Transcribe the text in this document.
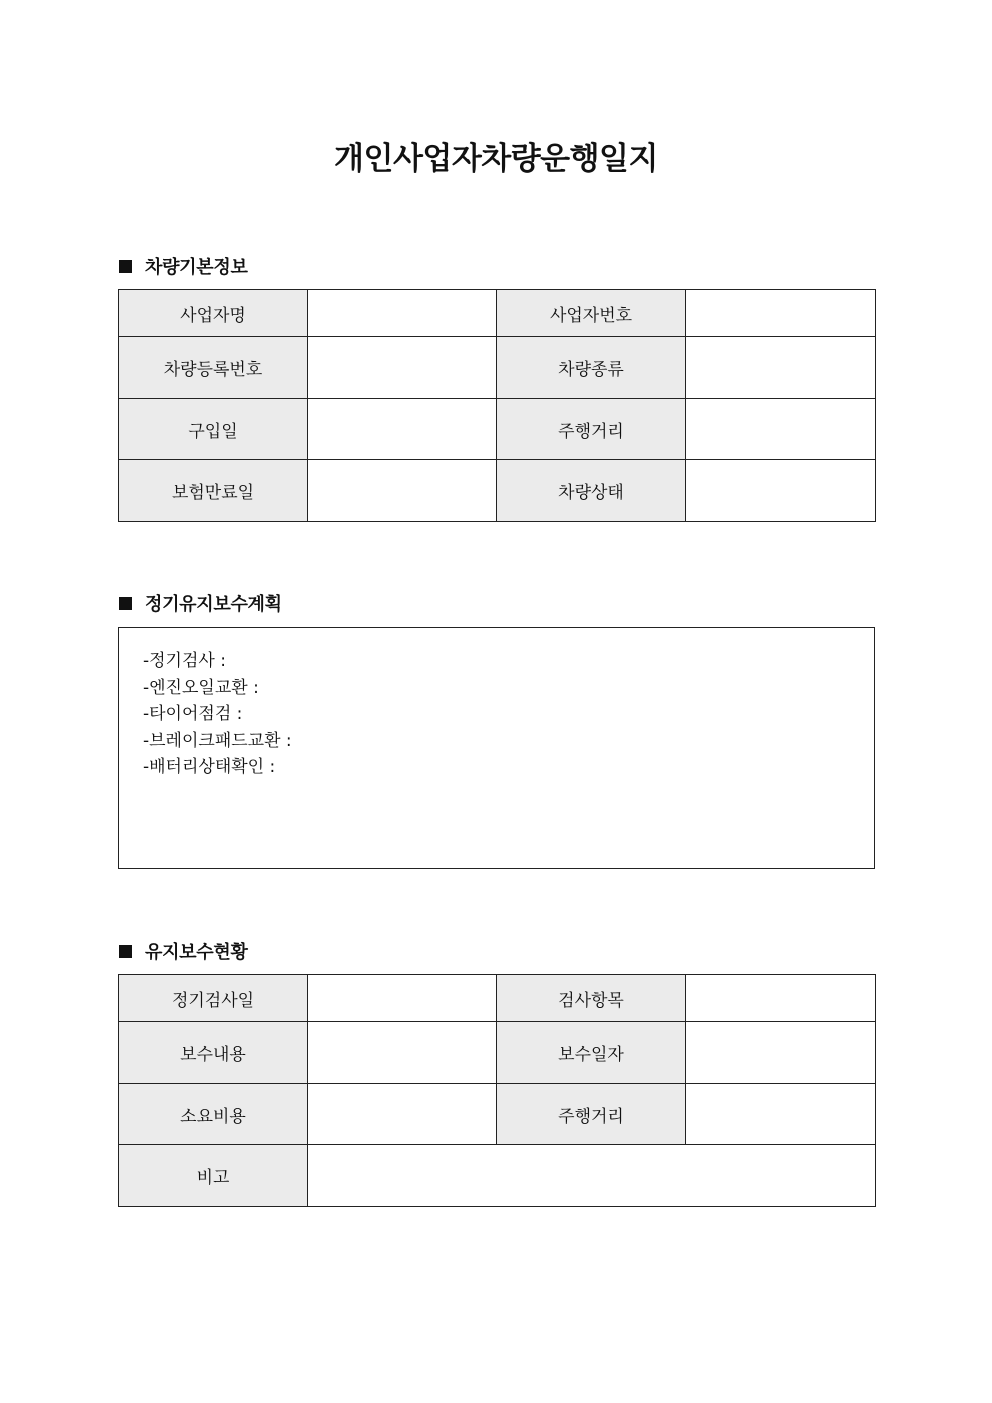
개인사업자차량운행일지
차량기본정보
사업자명		사업자번호	
차량등록번호		차량종류	
구입일		주행거리	
보험만료일		차량상태	
정기유지보수계획
-정기검사 :
-엔진오일교환 :
-타이어점검 :
-브레이크패드교환 :
-배터리상태확인 :
유지보수현황
정기검사일		검사항목	
보수내용		보수일자	
소요비용		주행거리	
비고			
